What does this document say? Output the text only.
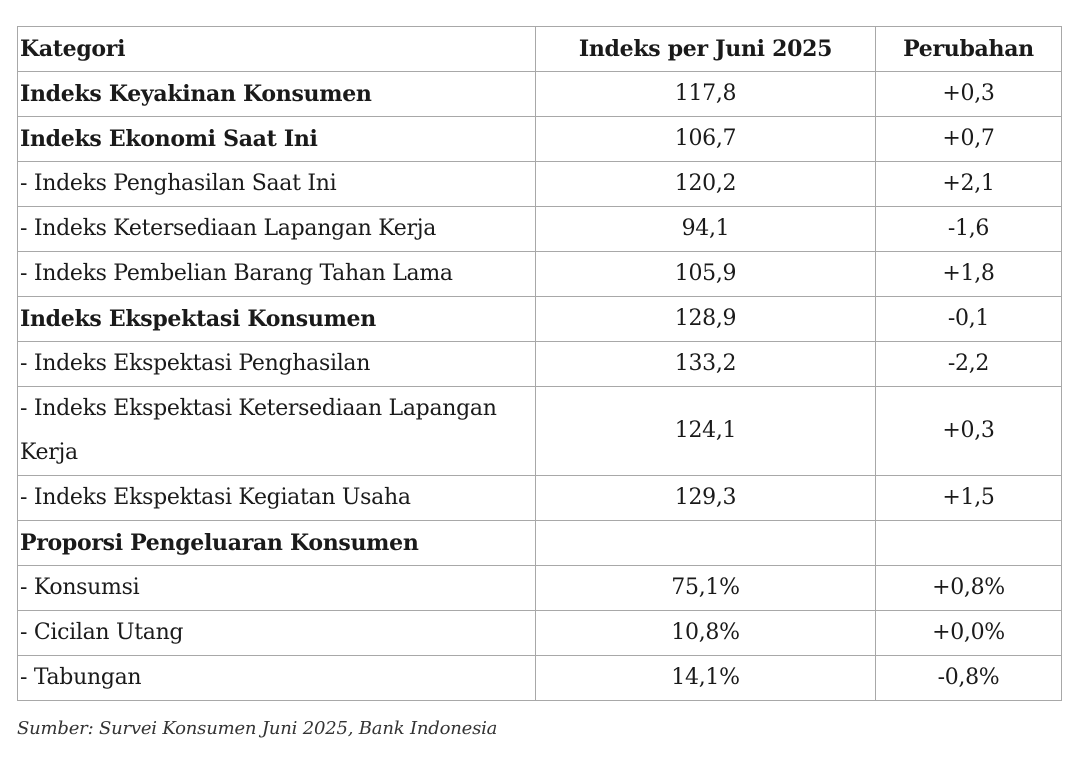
Kategori	Indeks per Juni 2025	Perubahan
Indeks Keyakinan Konsumen	117,8	+0,3
Indeks Ekonomi Saat Ini	106,7	+0,7
- Indeks Penghasilan Saat Ini	120,2	+2,1
- Indeks Ketersediaan Lapangan Kerja	94,1	-1,6
- Indeks Pembelian Barang Tahan Lama	105,9	+1,8
Indeks Ekspektasi Konsumen	128,9	-0,1
- Indeks Ekspektasi Penghasilan	133,2	-2,2
- Indeks Ekspektasi Ketersediaan Lapangan Kerja	124,1	+0,3
- Indeks Ekspektasi Kegiatan Usaha	129,3	+1,5
Proporsi Pengeluaran Konsumen		
- Konsumsi	75,1%	+0,8%
- Cicilan Utang	10,8%	+0,0%
- Tabungan	14,1%	-0,8%
Sumber: Survei Konsumen Juni 2025, Bank Indonesia
